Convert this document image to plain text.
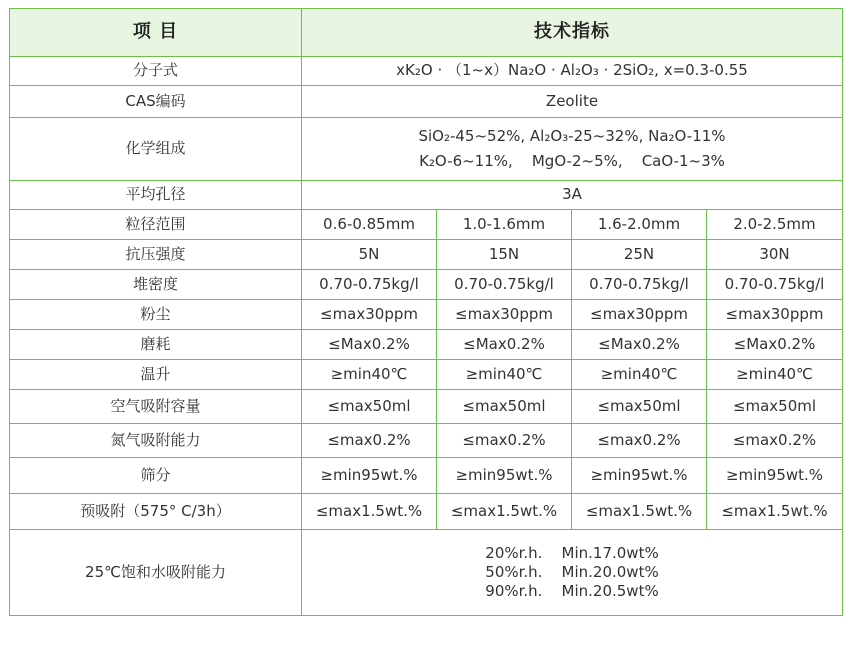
项 目	技术指标			
分子式	xK₂O · （1~x）Na₂O · Al₂O₃ · 2SiO₂, x=0.3-0.55			
CAS编码	Zeolite			
化学组成	SiO₂-45~52%, Al₂O₃-25~32%, Na₂O-11%
K₂O-6~11%,    MgO-2~5%,    CaO-1~3%			

平均孔径	3A			
粒径范围	0.6-0.85mm	1.0-1.6mm	1.6-2.0mm	2.0-2.5mm
抗压强度	5N	15N	25N	30N
堆密度	0.70-0.75kg/l	0.70-0.75kg/l	0.70-0.75kg/l	0.70-0.75kg/l
粉尘	≤max30ppm	≤max30ppm	≤max30ppm	≤max30ppm
磨耗	≤Max0.2%	≤Max0.2%	≤Max0.2%	≤Max0.2%
温升	≥min40℃	≥min40℃	≥min40℃	≥min40℃
空气吸附容量	≤max50ml	≤max50ml	≤max50ml	≤max50ml
氮气吸附能力	≤max0.2%	≤max0.2%	≤max0.2%	≤max0.2%
筛分	≥min95wt.%	≥min95wt.%	≥min95wt.%	≥min95wt.%
预吸附（575° C/3h）	≤max1.5wt.%	≤max1.5wt.%	≤max1.5wt.%	≤max1.5wt.%
25℃饱和水吸附能力	20%r.h.    Min.17.0wt%
50%r.h.    Min.20.0wt%
90%r.h.    Min.20.5wt%			
